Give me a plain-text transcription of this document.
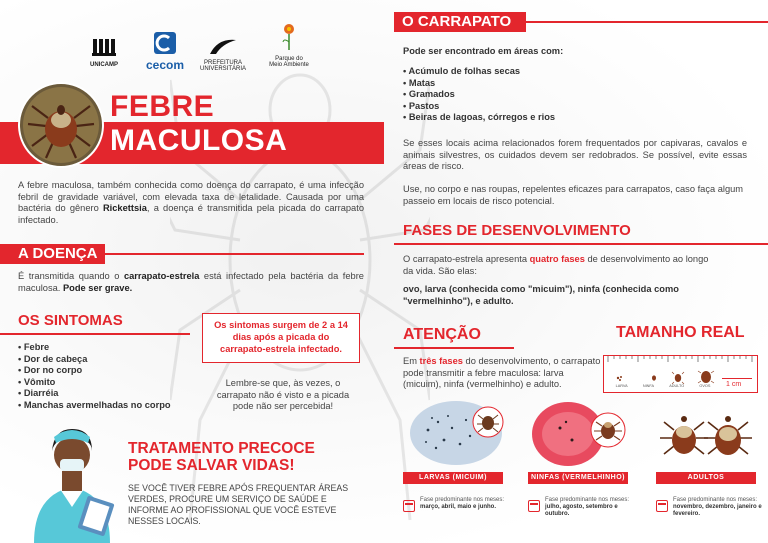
UNICAMP	cecom	PREFEITURA
UNIVERSITÁRIA
Parque do
Meio Ambiente
FEBRE
MACULOSA
A febre maculosa, também conhecida como doença do carrapato, é uma infecção febril de gravidade variável, com elevada taxa de letalidade. Causada por uma bactéria do gênero Rickettsia, a doença é transmitida pela picada do carrapato infectado.
A DOENÇA
É transmitida quando o carrapato-estrela está infectado pela bactéria da febre maculosa. Pode ser grave.
OS SINTOMAS
• Febre
• Dor de cabeça
• Dor no corpo
• Vômito
• Diarréia
• Manchas avermelhadas no corpo
Os sintomas surgem de 2 a 14 dias após a picada do carrapato-estrela infectado.
Lembre-se que, às vezes, o carrapato não é visto e a picada pode não ser percebida!
TRATAMENTO PRECOCE
PODE SALVAR VIDAS!
SE VOCÊ TIVER FEBRE APÓS FREQUENTAR ÁREAS VERDES, PROCURE UM SERVIÇO DE SAÚDE E INFORME AO PROFISSIONAL QUE VOCÊ ESTEVE NESSES LOCAIS.
O CARRAPATO
Pode ser encontrado em áreas com:
• Acúmulo de folhas secas
• Matas
• Gramados
• Pastos
• Beiras de lagoas, córregos e rios
Se esses locais acima relacionados forem frequentados por capivaras, cavalos e animais silvestres, os cuidados devem ser redobrados. Se possível, evite essas áreas de risco.
Use, no corpo e nas roupas, repelentes eficazes para carrapatos, caso faça algum passeio em locais de risco potencial.
FASES DE DESENVOLVIMENTO
O carrapato-estrela apresenta quatro fases de desenvolvimento ao longo da vida. São elas:
ovo, larva (conhecida como "micuim"), ninfa (conhecida como "vermelhinho"), e adulto.
ATENÇÃO
Em três fases do desenvolvimento, o carrapato pode transmitir a febre maculosa: larva (micuim), ninfa (vermelhinho) e adulto.
TAMANHO REAL
LARVA	NINFA	ADULTO	OVOS 1 cm
LARVAS (MICUIM)	NINFAS (VERMELHINHO)	ADULTOS
Fase predominante nos meses:
março, abril, maio e junho.
Fase predominante nos meses:
julho, agosto, setembro e outubro.
Fase predominante nos meses:
novembro, dezembro, janeiro e fevereiro.
